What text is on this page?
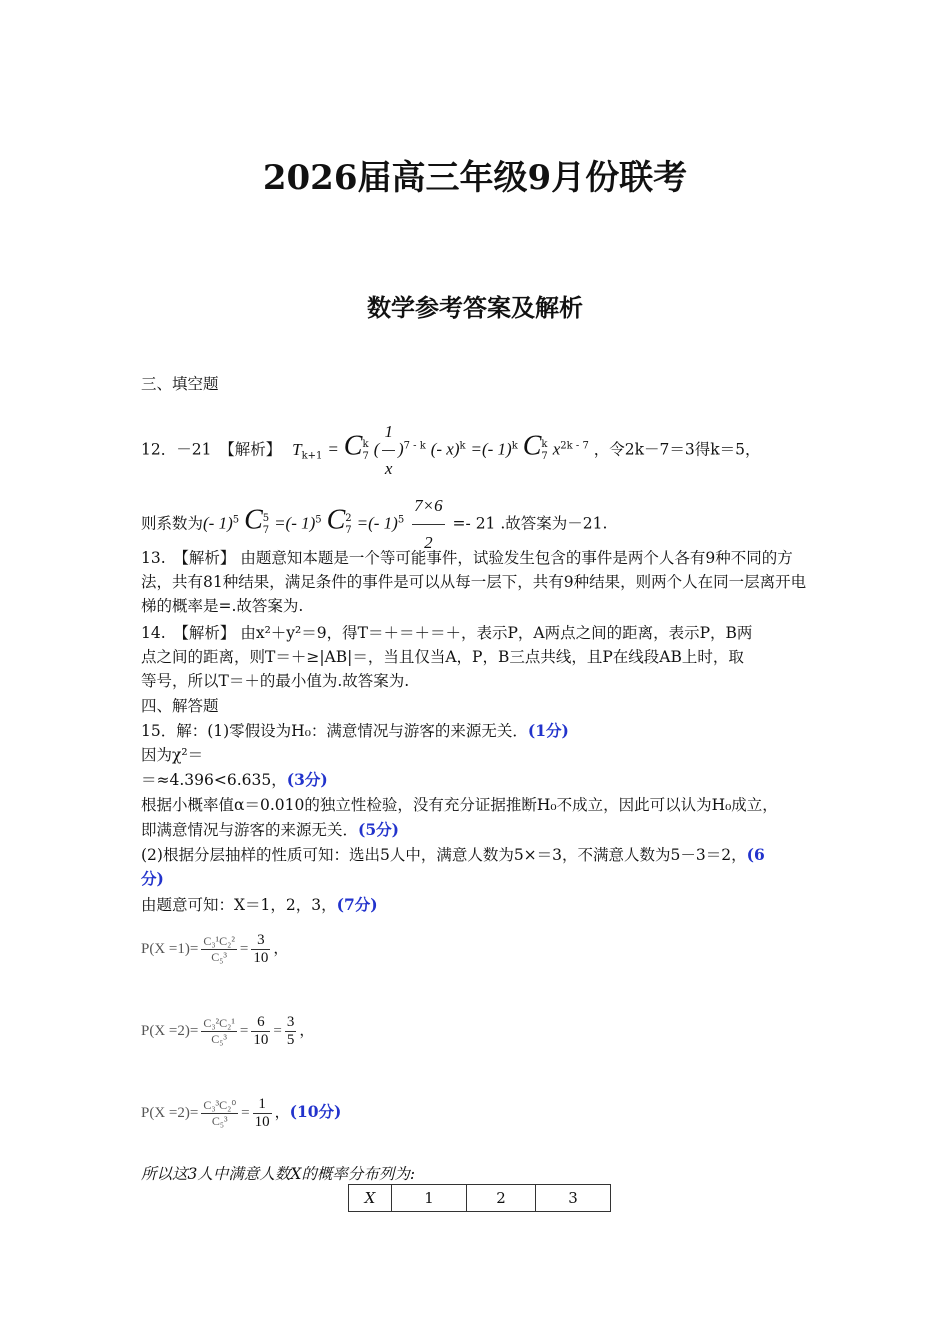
2026届高三年级9月份联考
数学参考答案及解析
三、填空题
12．－21　【解析】 $T_{k+1} = C$ k
7 ( $\frac{1}{x} )^{7 - k}$ (- x)$^k$ =(- 1)$^k$ C k
7 $x^{2k - 7}$ ，令2k－7＝3得k＝5，
则系数为(- 1)$^5$ C 5
7 =(- 1)$^5$ C 2
7 =(- $1)^5 \frac{7\times 6}{2} =- 21$ .故答案为－21.
13.　【解析】 由题意知本题是一个等可能事件，试验发生包含的事件是两个人各有9种不同的方法，共有81种结果，满足条件的事件是可以从每一层下，共有9种结果，则两个人在同一层离开电梯的概率是=.故答案为.
14.　【解析】 由x²＋y²＝9，得T＝＋＝＋＝＋，表示P，A两点之间的距离，表示P，B两
点之间的距离，则T＝＋≥|AB|＝，当且仅当A，P，B三点共线，且P在线段AB上时，取
等号，所以T＝＋的最小值为.故答案为.
四、解答题
15．解：(1)零假设为H₀：满意情况与游客的来源无关．(1分)
因为χ²＝
＝≈4.396<6.635，(3分)
根据小概率值α＝0.010的独立性检验，没有充分证据推断H₀不成立，因此可以认为H₀成立，
即满意情况与游客的来源无关．(5分)
(2)根据分层抽样的性质可知：选出5人中，满意人数为5×＝3，不满意人数为5－3＝2，(6
分)
由题意可知：X＝1，2，3，(7分)
$P(X =1)= \frac{\text{C₃¹C₂²}}{\text{C₅³}} = \frac{3}{10}$ ，
$P(X =2)= \frac{\text{C₃²C₂¹}}{\text{C₅³}} = \frac{6}{10} = \frac{3}{5}$ ，
$P(X =2)= \frac{\text{C₃³C₂⁰}}{\text{C₅³}} = \frac{1}{10}$ ，(10分)
所以这3人中满意人数X的概率分布列为:
X	1	2	3
